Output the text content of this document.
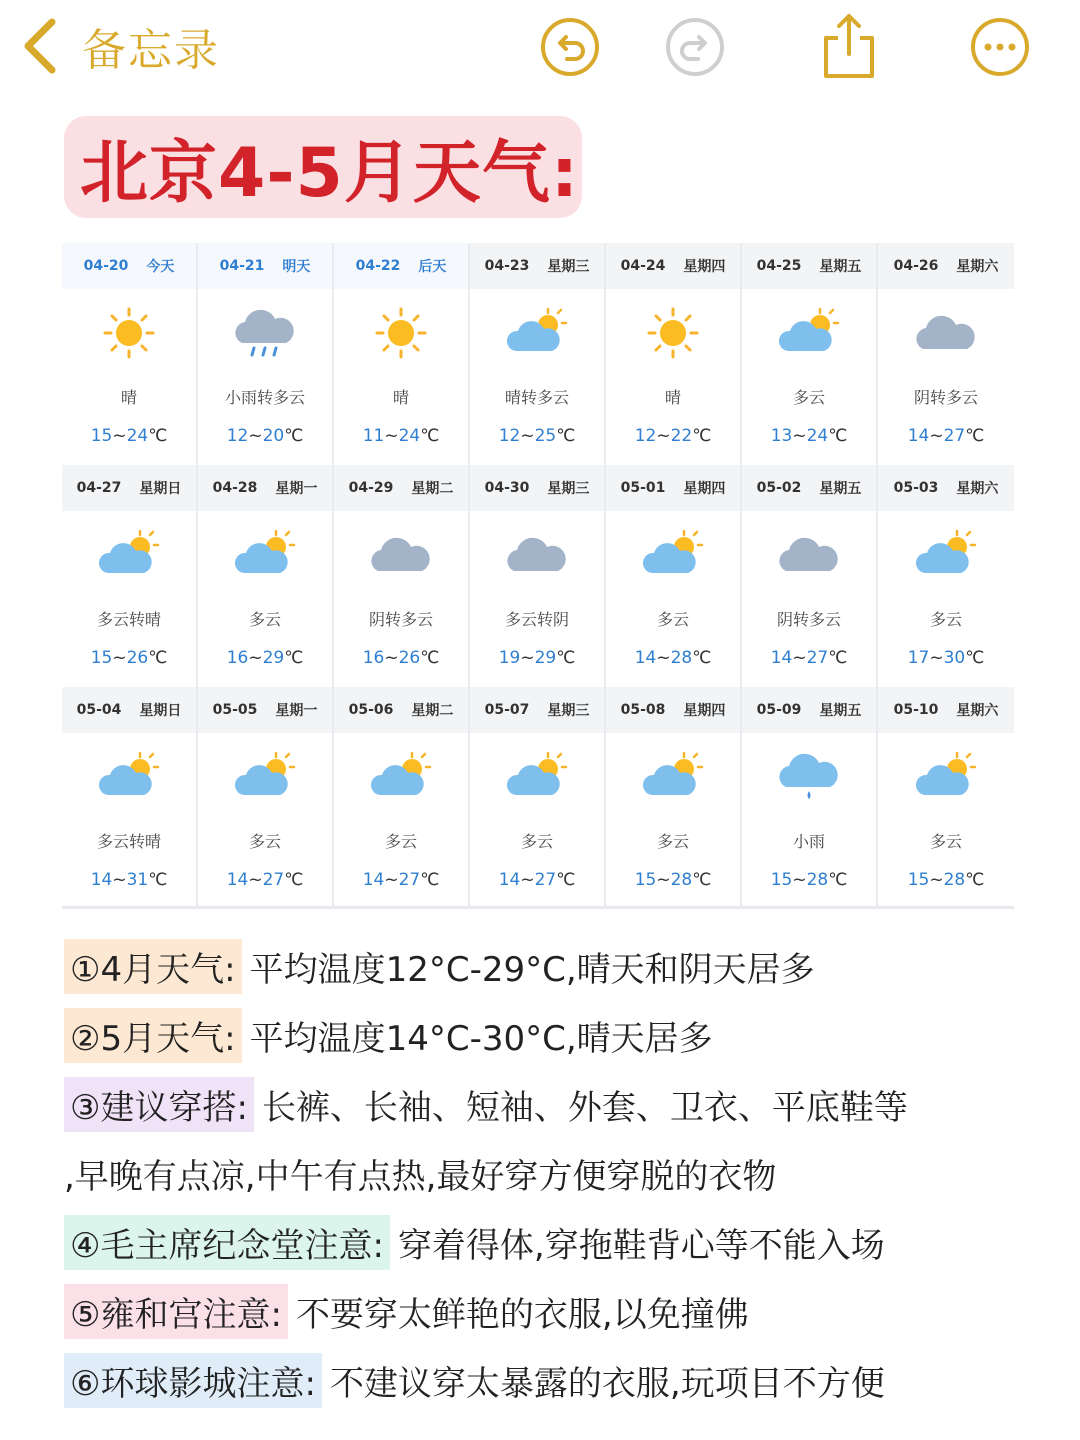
备忘录
北京4-5月天气:
04-20 今天
晴
15~24℃
04-21 明天
小雨转多云
12~20℃
04-22 后天
晴
11~24℃
04-23 星期三
晴转多云
12~25℃
04-24 星期四
晴
12~22℃
04-25 星期五
多云
13~24℃
04-26 星期六
阴转多云
14~27℃
04-27 星期日
多云转晴
15~26℃
04-28 星期一
多云
16~29℃
04-29 星期二
阴转多云
16~26℃
04-30 星期三
多云转阴
19~29℃
05-01 星期四
多云
14~28℃
05-02 星期五
阴转多云
14~27℃
05-03 星期六
多云
17~30℃
05-04 星期日
多云转晴
14~31℃
05-05 星期一
多云
14~27℃
05-06 星期二
多云
14~27℃
05-07 星期三
多云
14~27℃
05-08 星期四
多云
15~28℃
05-09 星期五
小雨
15~28℃
05-10 星期六
多云
15~28℃
①4月天气: 平均温度12°C-29°C,晴天和阴天居多
②5月天气: 平均温度14°C-30°C,晴天居多
③建议穿搭: 长裤、长袖、短袖、外套、卫衣、平底鞋等
,早晚有点凉,中午有点热,最好穿方便穿脱的衣物
④毛主席纪念堂注意: 穿着得体,穿拖鞋背心等不能入场
⑤雍和宫注意: 不要穿太鲜艳的衣服,以免撞佛
⑥环球影城注意: 不建议穿太暴露的衣服,玩项目不方便
